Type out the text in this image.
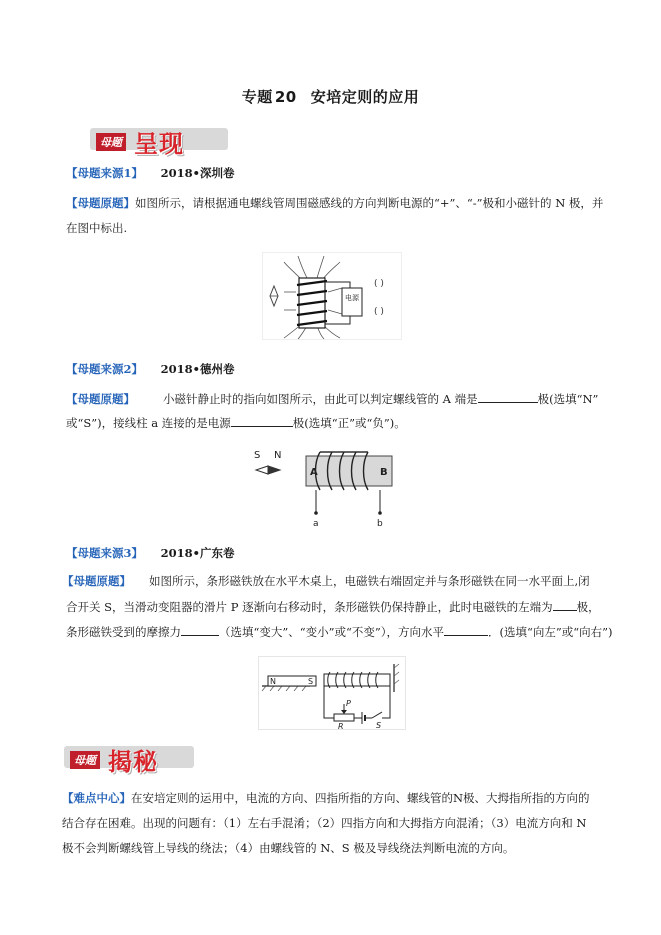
专题 20 安培定则的应用
母题 呈现
【母题来源1】 2018•深圳卷
【母题原题】如图所示，请根据通电螺线管周围磁感线的方向判断电源的“+”、“-”极和小磁针的 N 极，并
在图中标出.
电源
( )
( )
【母题来源2】 2018•德州卷
【母题原题】 小磁针静止时的指向如图所示，由此可以判定螺线管的 A 端是	极(选填“N”
或“S”)，接线柱 a 连接的是电源	极(选填“正”或“负”)。
S N
A	B
a	b
【母题来源3】 2018•广东卷
【母题原题】 如图所示，条形磁铁放在水平木桌上，电磁铁右端固定并与条形磁铁在同一水平面上,闭
合开关 S，当滑动变阻器的滑片 P 逐渐向右移动时，条形磁铁仍保持静止，此时电磁铁的左端为 极，
条形磁铁受到的摩擦力	（选填“变大”、“变小”或“不变”），方向水平	．(选填“向左”或“向右”)
N	S
P
R	S
母题 揭秘
【难点中心】在安培定则的运用中，电流的方向、四指所指的方向、螺线管的N极、大拇指所指的方向的
结合存在困难。出现的问题有：（1）左右手混淆；（2）四指方向和大拇指方向混淆；（3）电流方向和 N
极不会判断螺线管上导线的绕法；（4）由螺线管的 N、S 极及导线绕法判断电流的方向。
